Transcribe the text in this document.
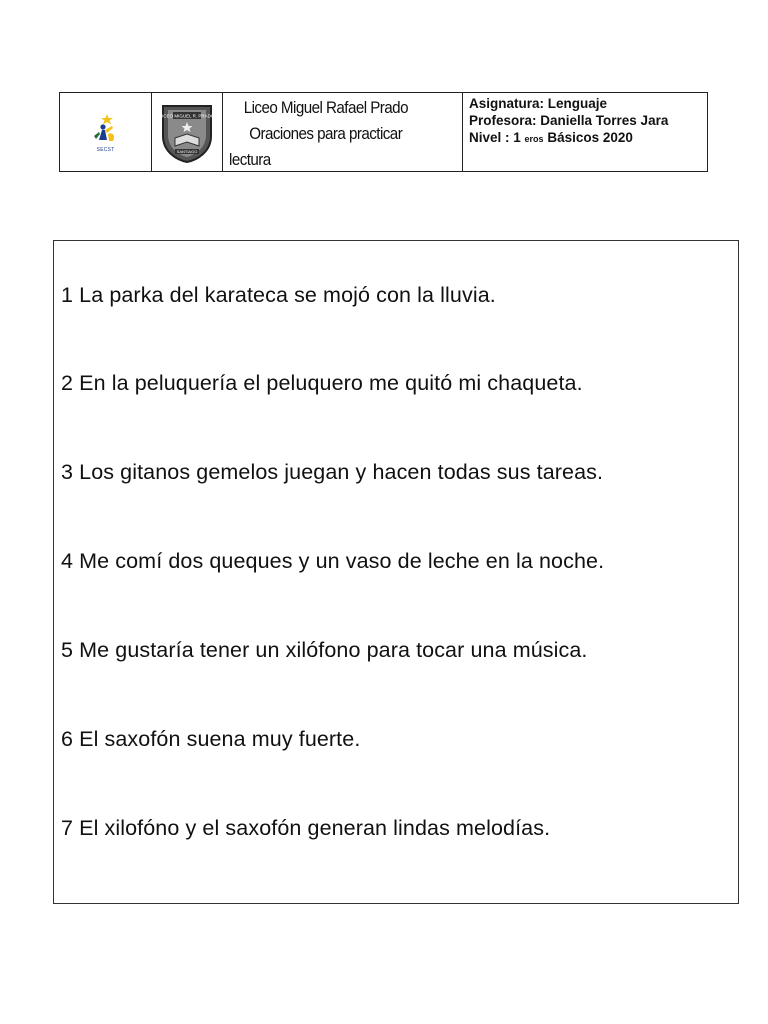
SECST
LICEO MIGUEL R. PRADO
SANTIAGO
Liceo Miguel Rafael Prado
Oraciones para practicar
lectura
Asignatura: Lenguaje
Profesora: Daniella Torres Jara
Nivel : 1 eros Básicos 2020
1 La parka del karateca se mojó con la lluvia.
2 En la peluquería el peluquero me quitó mi chaqueta.
3 Los gitanos gemelos juegan y hacen todas sus tareas.
4 Me comí dos queques y un vaso de leche en la noche.
5 Me gustaría tener un xilófono para tocar una música.
6 El saxofón suena muy fuerte.
7 El xilofóno y el saxofón generan lindas melodías.
